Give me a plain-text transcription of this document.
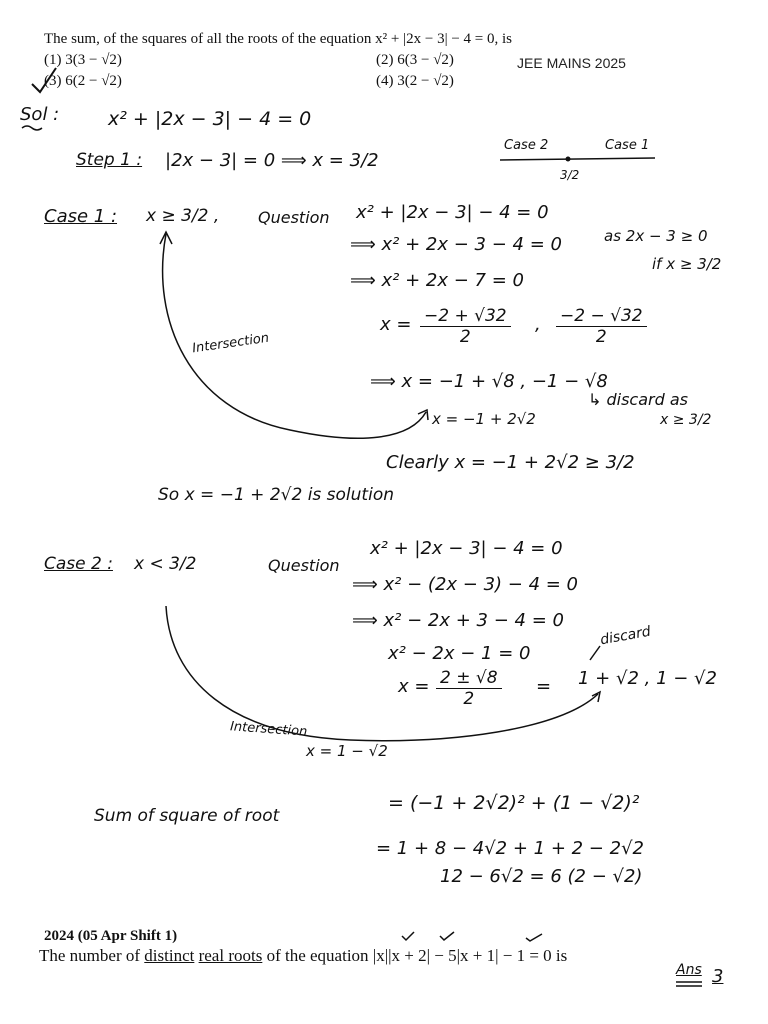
The sum, of the squares of all the roots of the equation x² + |2x − 3| − 4 = 0, is
(1) 3(3 − √2)	(2) 6(3 − √2)
(3) 6(2 − √2)	(4) 3(2 − √2)
JEE MAINS 2025
Sol :	x² + |2x − 3| − 4 = 0
Step 1 : |2x − 3| = 0 ⟹ x = 3/2
Case 2	Case 1
3/2
Case 1 : x ≥ 3/2 , Question x² + |2x − 3| − 4 = 0
⟹ x² + 2x − 3 − 4 = 0
⟹ x² + 2x − 7 = 0
as 2x − 3 ≥ 0
if x ≥ 3/2
$x = \frac{-2 + √32}{2}$ , $\frac{-2 - √32}{2}$
⟹ x = −1 + √8 , −1 − √8
↳ discard as
x ≥ 3/2
Intersection
x = −1 + 2√2
Clearly x = −1 + 2√2 ≥ 3/2
So x = −1 + 2√2 is solution
Case 2 : x < 3/2	Question
x² + |2x − 3| − 4 = 0
⟹ x² − (2x − 3) − 4 = 0
⟹ x² − 2x + 3 − 4 = 0
x² − 2x − 1 = 0
$x = \frac{2 \pm √8}{2} = 1 + √2$ , 1 − √2
discard
Intersection
x = 1 − √2
Sum of square of root
= (−1 + 2√2)² + (1 − √2)²
= 1 + 8 − 4√2 + 1 + 2 − 2√2
12 − 6√2 = 6 (2 − √2)
2024 (05 Apr Shift 1)
The number of distinct real roots of the equation |x||x + 2| − 5|x + 1| − 1 = 0 is
Ans 3
